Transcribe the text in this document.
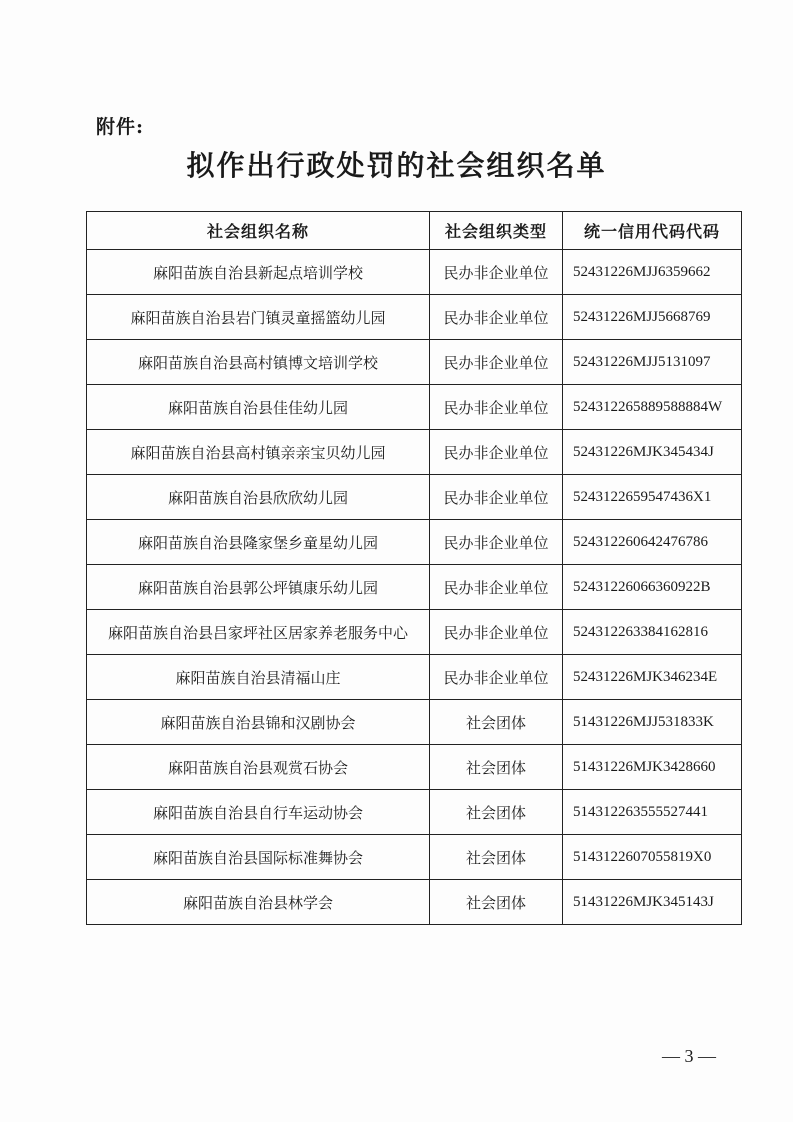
附件:
拟作出行政处罚的社会组织名单
社会组织名称	社会组织类型	统一信用代码代码
麻阳苗族自治县新起点培训学校	民办非企业单位	52431226MJJ6359662
麻阳苗族自治县岩门镇灵童摇篮幼儿园	民办非企业单位	52431226MJJ5668769
麻阳苗族自治县高村镇博文培训学校	民办非企业单位	52431226MJJ5131097
麻阳苗族自治县佳佳幼儿园	民办非企业单位	524312265889588884W
麻阳苗族自治县高村镇亲亲宝贝幼儿园	民办非企业单位	52431226MJK345434J
麻阳苗族自治县欣欣幼儿园	民办非企业单位	5243122659547436X1
麻阳苗族自治县隆家堡乡童星幼儿园	民办非企业单位	524312260642476786
麻阳苗族自治县郭公坪镇康乐幼儿园	民办非企业单位	52431226066360922B
麻阳苗族自治县吕家坪社区居家养老服务中心	民办非企业单位	524312263384162816
麻阳苗族自治县清福山庄	民办非企业单位	52431226MJK346234E
麻阳苗族自治县锦和汉剧协会	社会团体	51431226MJJ531833K
麻阳苗族自治县观赏石协会	社会团体	51431226MJK3428660
麻阳苗族自治县自行车运动协会	社会团体	514312263555527441
麻阳苗族自治县国际标准舞协会	社会团体	5143122607055819X0
麻阳苗族自治县林学会	社会团体	51431226MJK345143J
— 3 —
